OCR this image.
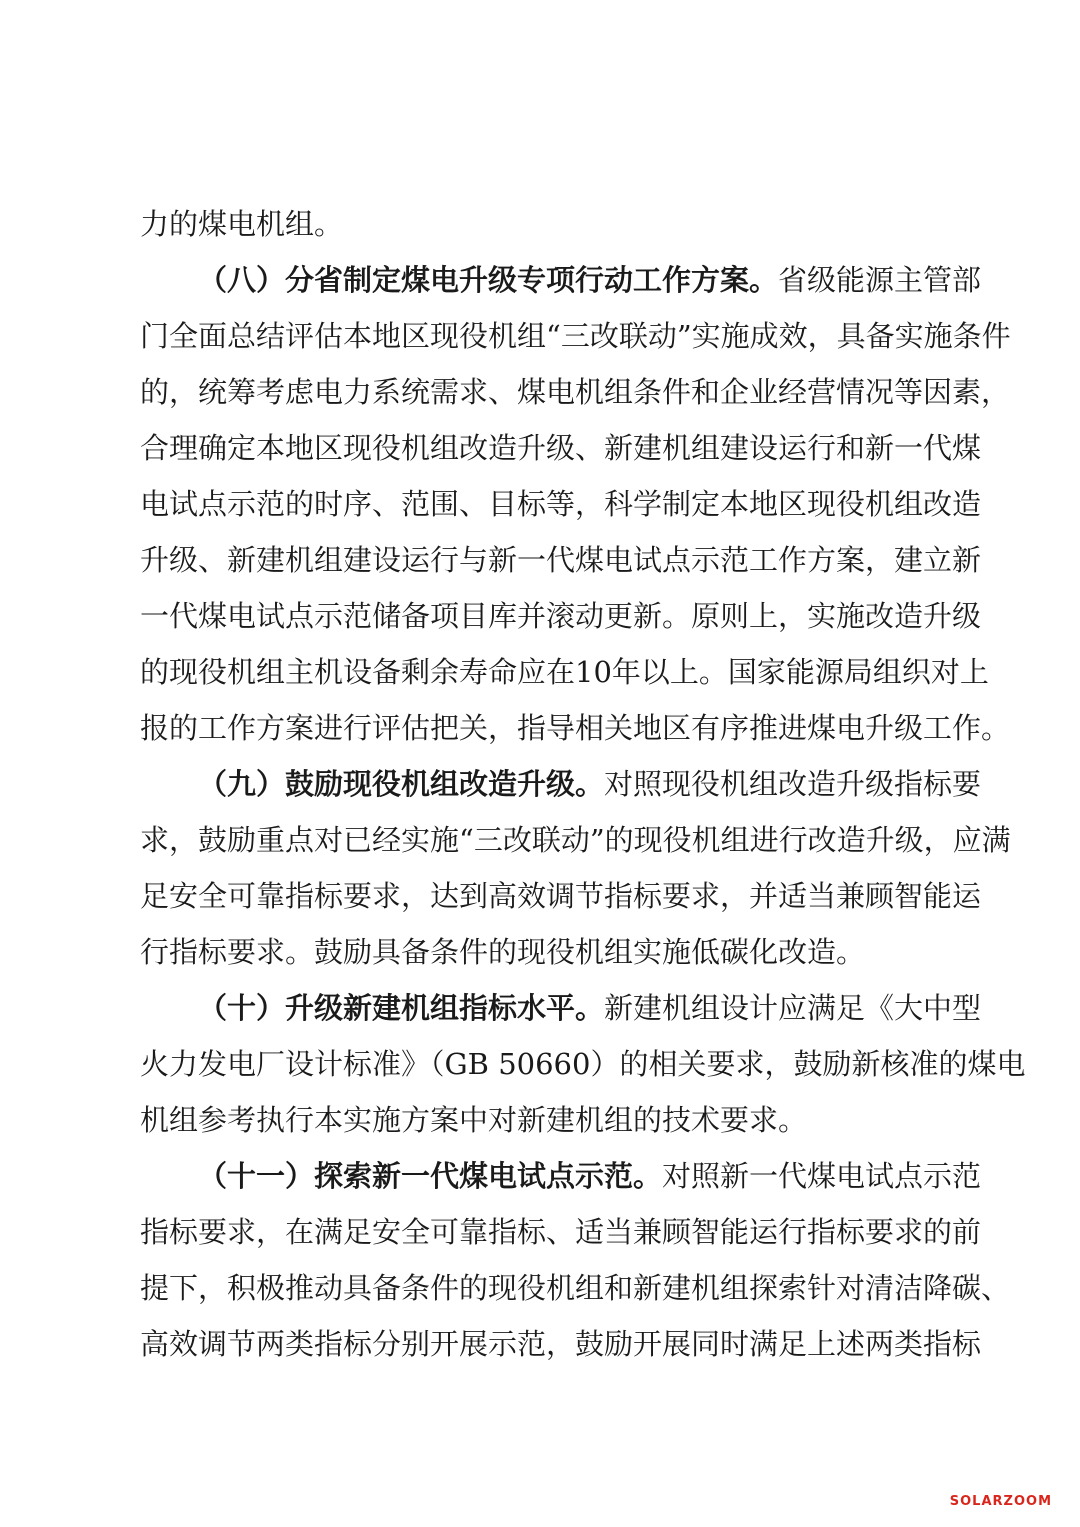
力的煤电机组。
（八）分省制定煤电升级专项行动工作方案。省级能源主管部
门全面总结评估本地区现役机组“三改联动”实施成效，具备实施条件
的，统筹考虑电力系统需求、煤电机组条件和企业经营情况等因素，
合理确定本地区现役机组改造升级、新建机组建设运行和新一代煤
电试点示范的时序、范围、目标等，科学制定本地区现役机组改造
升级、新建机组建设运行与新一代煤电试点示范工作方案，建立新
一代煤电试点示范储备项目库并滚动更新。原则上，实施改造升级
的现役机组主机设备剩余寿命应在10年以上。国家能源局组织对上
报的工作方案进行评估把关，指导相关地区有序推进煤电升级工作。
（九）鼓励现役机组改造升级。对照现役机组改造升级指标要
求，鼓励重点对已经实施“三改联动”的现役机组进行改造升级，应满
足安全可靠指标要求，达到高效调节指标要求，并适当兼顾智能运
行指标要求。鼓励具备条件的现役机组实施低碳化改造。
（十）升级新建机组指标水平。新建机组设计应满足《大中型
火力发电厂设计标准》（GB 50660）的相关要求，鼓励新核准的煤电
机组参考执行本实施方案中对新建机组的技术要求。
（十一）探索新一代煤电试点示范。对照新一代煤电试点示范
指标要求，在满足安全可靠指标、适当兼顾智能运行指标要求的前
提下，积极推动具备条件的现役机组和新建机组探索针对清洁降碳、
高效调节两类指标分别开展示范，鼓励开展同时满足上述两类指标
SOLARZOOM
